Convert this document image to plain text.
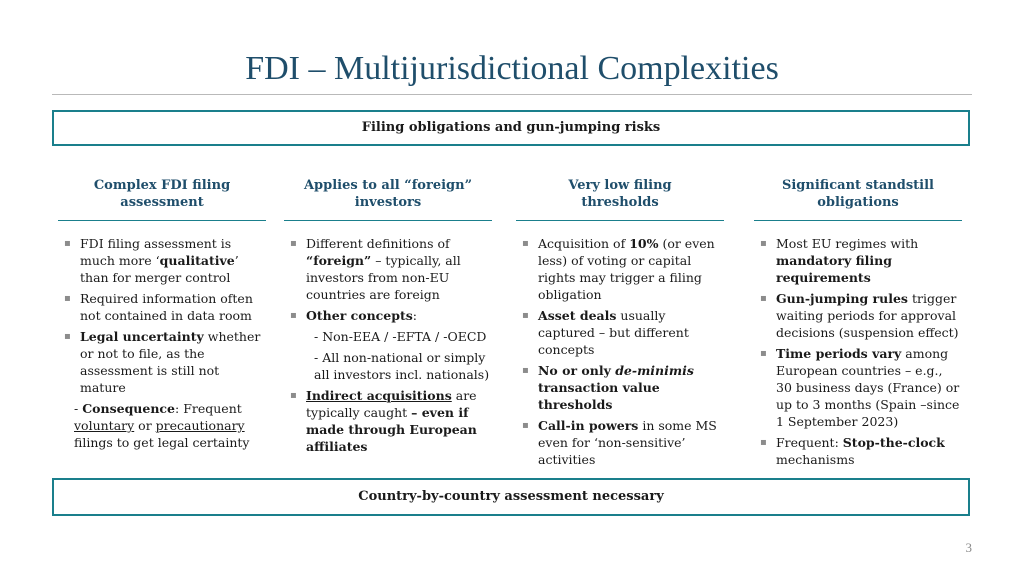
FDI – Multijurisdictional Complexities
Filing obligations and gun-jumping risks
Complex FDI filing assessment
▪ FDI filing assessment is much more ‘qualitative’ than for merger control
▪ Required information often not contained in data room
▪ Legal uncertainty whether or not to file, as the assessment is still not mature
- Consequence: Frequent voluntary or precautionary filings to get legal certainty
Applies to all “foreign” investors
▪ Different definitions of “foreign” – typically, all investors from non-EU countries are foreign
▪ Other concepts:
- Non-EEA / -EFTA / -OECD
- All non-national or simply all investors incl. nationals)
▪ Indirect acquisitions are typically caught – even if made through European affiliates
Very low filing thresholds
▪ Acquisition of 10% (or even less) of voting or capital rights may trigger a filing obligation
▪ Asset deals usually captured – but different concepts
▪ No or only de-minimis transaction value thresholds
▪ Call-in powers in some MS even for ‘non-sensitive’ activities
Significant standstill obligations
▪ Most EU regimes with mandatory filing requirements
▪ Gun-jumping rules trigger waiting periods for approval decisions (suspension effect)
▪ Time periods vary among European countries – e.g., 30 business days (France) or up to 3 months (Spain –since 1 September 2023)
▪ Frequent: Stop-the-clock mechanisms
Country-by-country assessment necessary
3
